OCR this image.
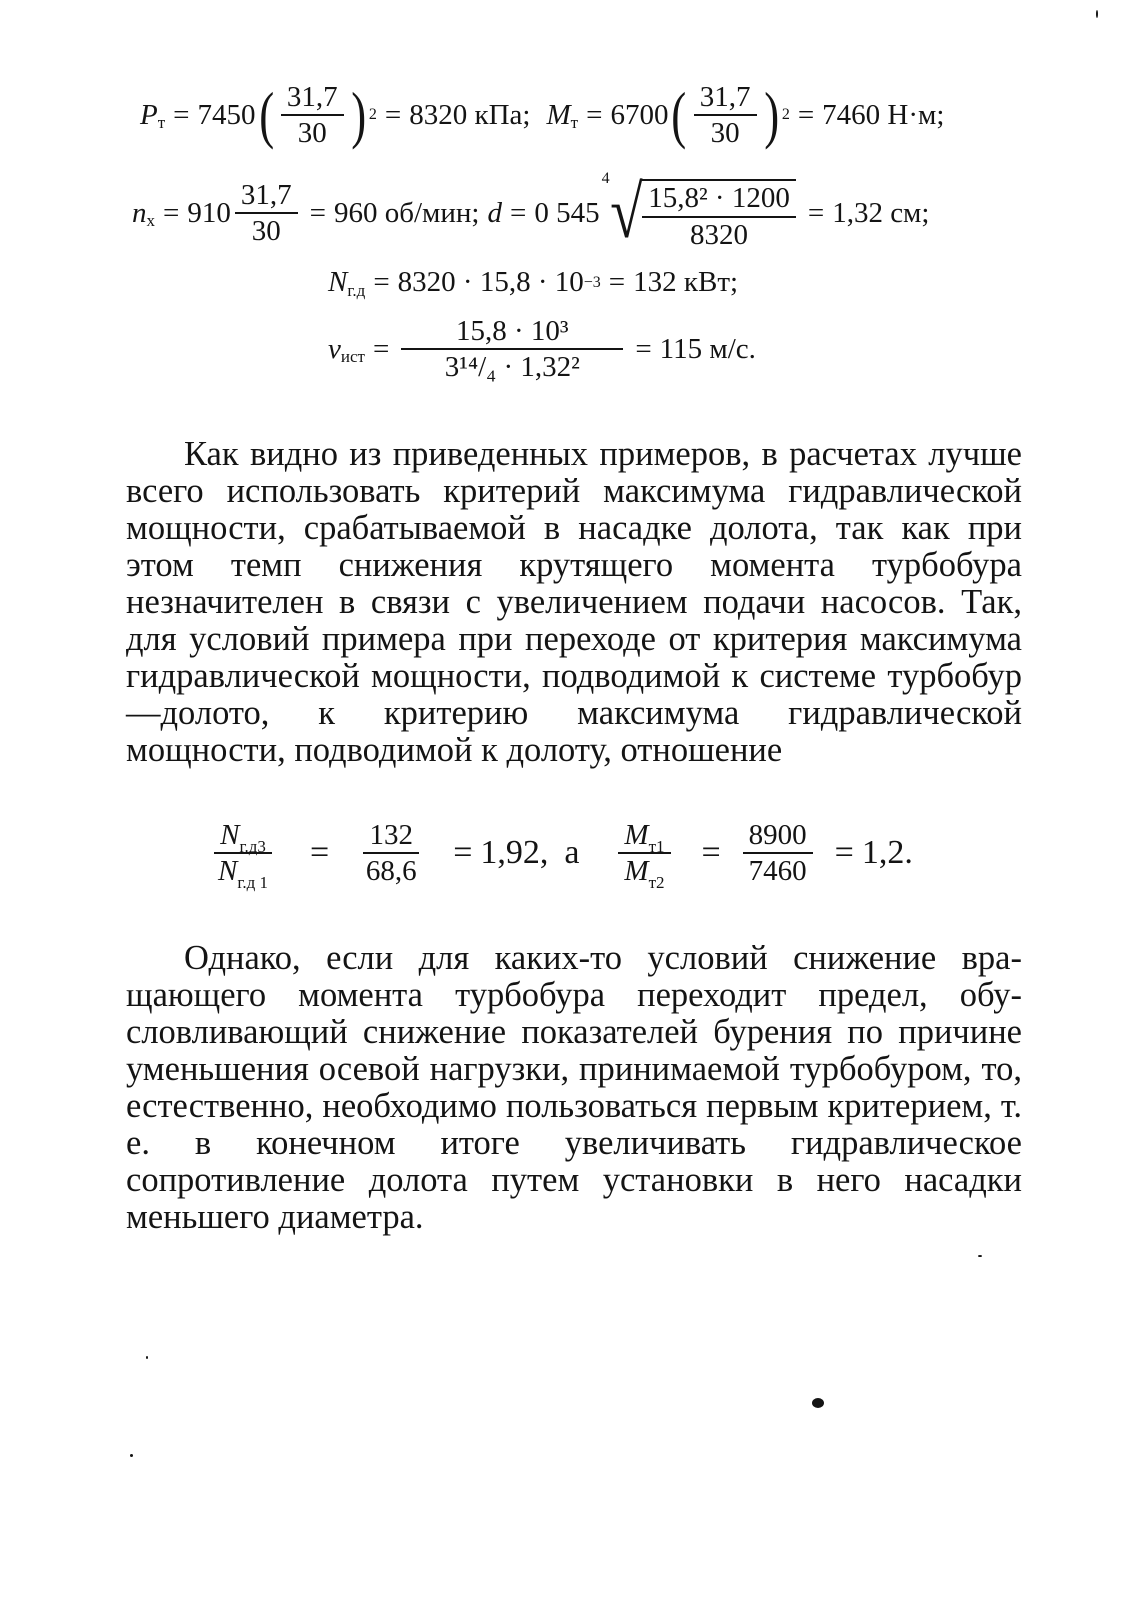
P т = 7450 ( $\frac{31,7}{30}$ ) 2 = 8320 кПа; M т = 6700 ( $\frac{31,7}{30}$ ) 2 = 7460 Н·м;
n $х = 910 \frac{31,7}{30} = 960$ об/мин; d = 0 545
4 √ $\frac{\text{15,8² · 1200}}{8320} = 1,32$ см;
N г.д = 8320 · 15,8 · 10 −3 = 132 кВт;
v ист = $\frac{\text{15,8 · 10³}}{\text{3¹⁴/₄ · 1,32²}} = 115$ м/с.
Как видно из приведенных примеров, в расчетах лучше всего использовать критерий максимума гидравлической мощности, срабатываемой в насадке долота, так как при этом темп снижения крутящего момента турбобура незначителен в связи с увеличением подачи насосов. Так, для условий примера при переходе от критерия максимума гидравлической мощности, подводимой к системе турбобур—долото, к критерию максимума гидравлической мощности, подводимой к долоту, отношение
$\frac{N_{г.д3}}{N_{г.д 1}} = \frac{132}{68,6} = 1,92$, а $\frac{M_{т1}}{M_{т2}} = \frac{8900}{7460} = 1,2$.
Однако, если для каких-то условий снижение вращающего момента турбобура переходит предел, обусловливающий снижение показателей бурения по причине уменьшения осевой нагрузки, принимаемой турбобуром, то, естественно, необходимо пользоваться первым критерием, т. е. в конечном итоге увеличивать гидравлическое сопротивление долота путем установки в него насадки меньшего диаметра.
